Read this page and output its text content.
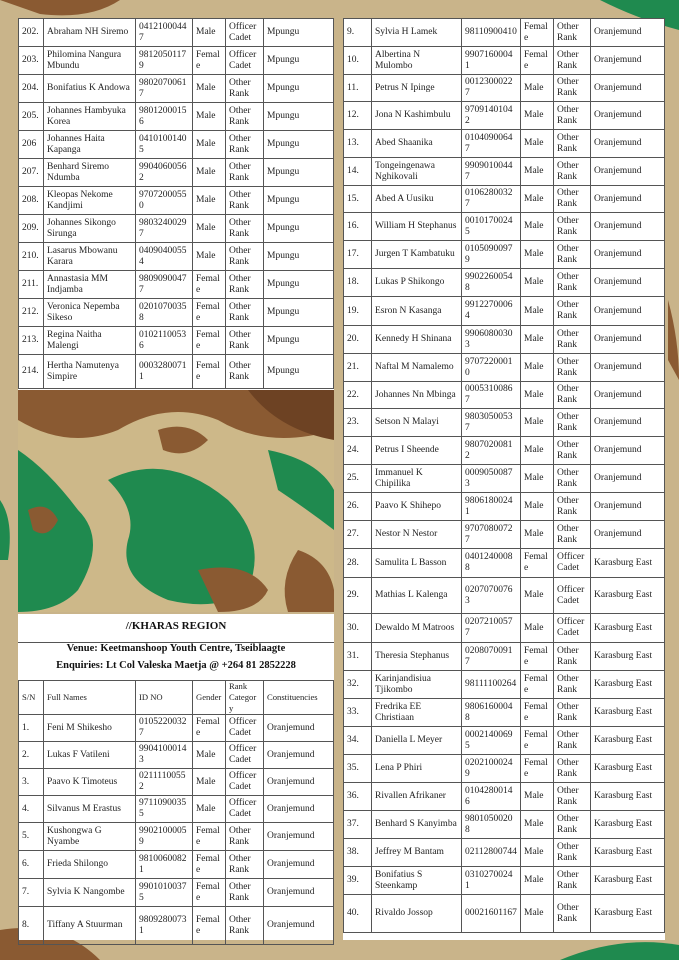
202.	Abraham NH Siremo	04121000447	Male	Officer Cadet	Mpungu
203.	Philomina Nangura Mbundu	98120501179	Female	Officer Cadet	Mpungu
204.	Bonifatius K Andowa	98020700617	Male	Other Rank	Mpungu
205.	Johannes Hambyuka Korea	98012000156	Male	Other Rank	Mpungu
206	Johannes Haita Kapanga	04101001405	Male	Other Rank	Mpungu
207.	Benhard Siremo Ndumba	99040600562	Male	Other Rank	Mpungu
208.	Kleopas Nekome Kandjimi	97072000550	Male	Other Rank	Mpungu
209.	Johannes Sikongo Sirunga	98032400297	Male	Other Rank	Mpungu
210.	Lasarus Mbowanu Karara	04090400554	Male	Other Rank	Mpungu
211.	Annastasia MM Indjamba	98090900477	Female	Other Rank	Mpungu
212.	Veronica Nepemba Sikeso	02010700358	Female	Other Rank	Mpungu
213.	Regina Naitha Malengi	01021100536	Female	Other Rank	Mpungu
214.	Hertha Namutenya Simpire	00032800711	Female	Other Rank	Mpungu
//KHARAS REGION
Venue: Keetmanshoop Youth Centre, Tseiblaagte
Enquiries: Lt Col Valeska Maetja @ +264 81 2852228
S/N	Full Names	ID NO	Gender	Rank Category	Constituencies
1.	Feni M Shikesho	01052200327	Female	Officer Cadet	Oranjemund
2.	Lukas F Vatileni	99041000143	Male	Officer Cadet	Oranjemund
3.	Paavo K Timoteus	02111100552	Male	Officer Cadet	Oranjemund
4.	Silvanus M Erastus	97110900355	Male	Officer Cadet	Oranjemund
5.	Kushongwa G Nyambe	99021000059	Female	Other Rank	Oranjemund
6.	Frieda Shilongo	98100600821	Female	Other Rank	Oranjemund
7.	Sylvia K Nangombe	99010100375	Female	Other Rank	Oranjemund
8.	Tiffany A Stuurman	98092800731	Female	Other Rank	Oranjemund
9.	Sylvia H Lamek	98110900410	Female	Other Rank	Oranjemund
10.	Albertina N Mulombo	99071600041	Female	Other Rank	Oranjemund
11.	Petrus N Ipinge	00123000227	Male	Other Rank	Oranjemund
12.	Jona N Kashimbulu	97091401042	Male	Other Rank	Oranjemund
13.	Abed Shaanika	01040900647	Male	Other Rank	Oranjemund
14.	Tongeingenawa Nghikovali	99090100447	Male	Other Rank	Oranjemund
15.	Abed A Uusiku	01062800327	Male	Other Rank	Oranjemund
16.	William H Stephanus	00101700245	Male	Other Rank	Oranjemund
17.	Jurgen T Kambatuku	01050900979	Male	Other Rank	Oranjemund
18.	Lukas P Shikongo	99022600548	Male	Other Rank	Oranjemund
19.	Esron N Kasanga	99122700064	Male	Other Rank	Oranjemund
20.	Kennedy H Shinana	99060800303	Male	Other Rank	Oranjemund
21.	Naftal M Namalemo	97072200010	Male	Other Rank	Oranjemund
22.	Johannes Nn Mbinga	00053100867	Male	Other Rank	Oranjemund
23.	Setson N Malayi	98030500537	Male	Other Rank	Oranjemund
24.	Petrus I Sheende	98070200812	Male	Other Rank	Oranjemund
25.	Immanuel K Chipilika	00090500873	Male	Other Rank	Oranjemund
26.	Paavo K Shihepo	98061800241	Male	Other Rank	Oranjemund
27.	Nestor N Nestor	97070800727	Male	Other Rank	Oranjemund
28.	Samulita L Basson	04012400088	Female	Officer Cadet	Karasburg East
29.	Mathias L Kalenga	02070700763	Male	Officer Cadet	Karasburg East
30.	Dewaldo M Matroos	02072100577	Male	Officer Cadet	Karasburg East
31.	Theresia Stephanus	02080700917	Female	Other Rank	Karasburg East
32.	Karinjandisiua Tjikombo	98111100264	Female	Other Rank	Karasburg East
33.	Fredrika EE Christiaan	98061600048	Female	Other Rank	Karasburg East
34.	Daniella L Meyer	00021400695	Female	Other Rank	Karasburg East
35.	Lena P Phiri	02021000249	Female	Other Rank	Karasburg East
36.	Rivallen Afrikaner	01042800146	Male	Other Rank	Karasburg East
37.	Benhard S Kanyimba	98010500208	Male	Other Rank	Karasburg East
38.	Jeffrey M Bantam	02112800744	Male	Other Rank	Karasburg East
39.	Bonifatius S Steenkamp	03102700241	Male	Other Rank	Karasburg East
40.	Rivaldo Jossop	00021601167	Male	Other Rank	Karasburg East
